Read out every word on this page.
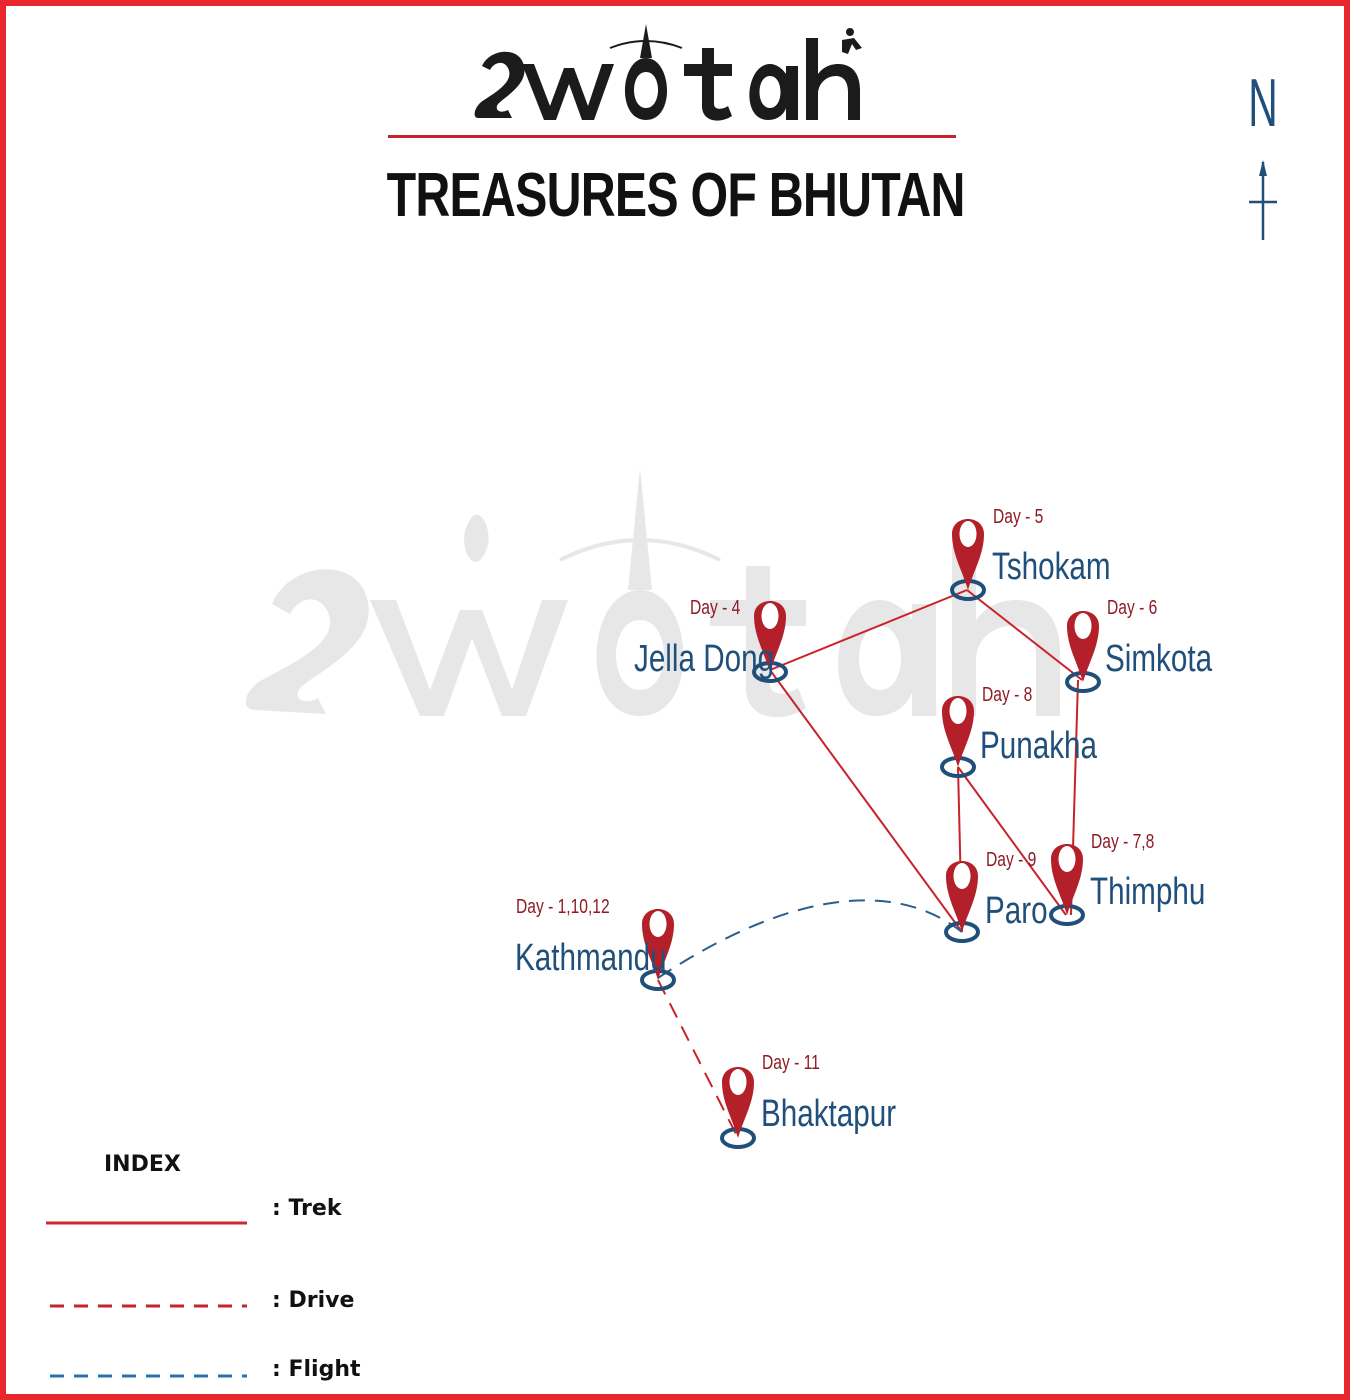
TREASURES OF BHUTAN
N
Day - 5
Day - 4	Day - 6
Day - 8
Day - 9
Day - 7,8
Day - 1,10,12
Day - 11
Tshokam
Jella Dong	Simkota
Punakha
Paro Thimphu
Kathmandu
Bhaktapur
INDEX
: Trek
: Drive
: Flight
